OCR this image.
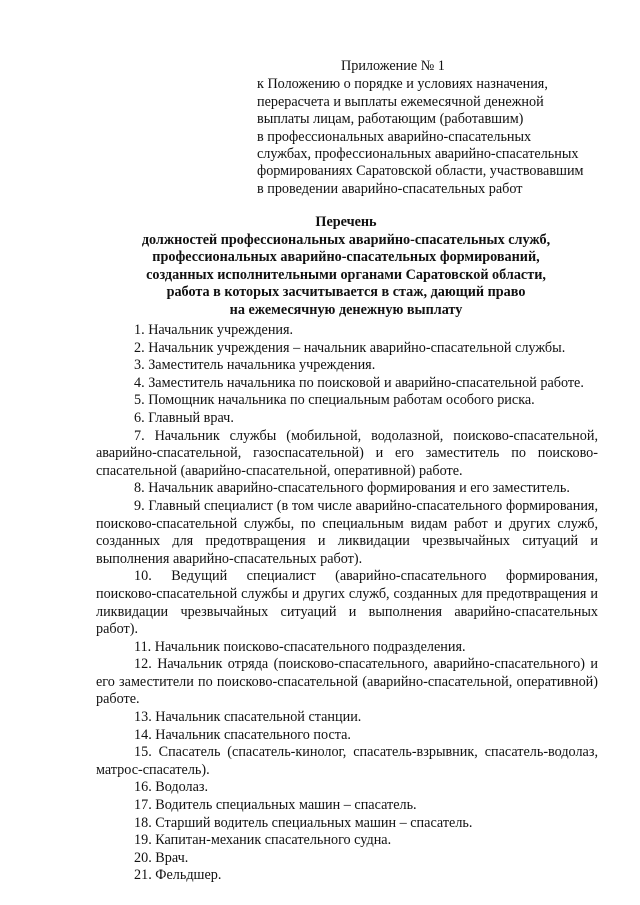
Приложение № 1
к Положению о порядке и условиях назначения,
перерасчета и выплаты ежемесячной денежной
выплаты лицам, работающим (работавшим)
в профессиональных аварийно-спасательных
службах, профессиональных аварийно-спасательных
формированиях Саратовской области, участвовавшим
в проведении аварийно-спасательных работ
Перечень
должностей профессиональных аварийно-спасательных служб,
профессиональных аварийно-спасательных формирований,
созданных исполнительными органами Саратовской области,
работа в которых засчитывается в стаж, дающий право
на ежемесячную денежную выплату
1. Начальник учреждения.
2. Начальник учреждения – начальник аварийно-спасательной службы.
3. Заместитель начальника учреждения.
4. Заместитель начальника по поисковой и аварийно-спасательной работе.
5. Помощник начальника по специальным работам особого риска.
6. Главный врач.
7. Начальник службы (мобильной, водолазной, поисково-спасательной, аварийно-спасательной, газоспасательной) и его заместитель по поисково-спасательной (аварийно-спасательной, оперативной) работе.
8. Начальник аварийно-спасательного формирования и его заместитель.
9. Главный специалист (в том числе аварийно-спасательного формирования, поисково-спасательной службы, по специальным видам работ и других служб, созданных для предотвращения и ликвидации чрезвычайных ситуаций и выполнения аварийно-спасательных работ).
10. Ведущий специалист (аварийно-спасательного формирования, поисково-спасательной службы и других служб, созданных для предотвращения и ликвидации чрезвычайных ситуаций и выполнения аварийно-спасательных работ).
11. Начальник поисково-спасательного подразделения.
12. Начальник отряда (поисково-спасательного, аварийно-спасательного) и его заместители по поисково-спасательной (аварийно-спасательной, оперативной) работе.
13. Начальник спасательной станции.
14. Начальник спасательного поста.
15. Спасатель (спасатель-кинолог, спасатель-взрывник, спасатель-водолаз, матрос-спасатель).
16. Водолаз.
17. Водитель специальных машин – спасатель.
18. Старший водитель специальных машин – спасатель.
19. Капитан-механик спасательного судна.
20. Врач.
21. Фельдшер.
